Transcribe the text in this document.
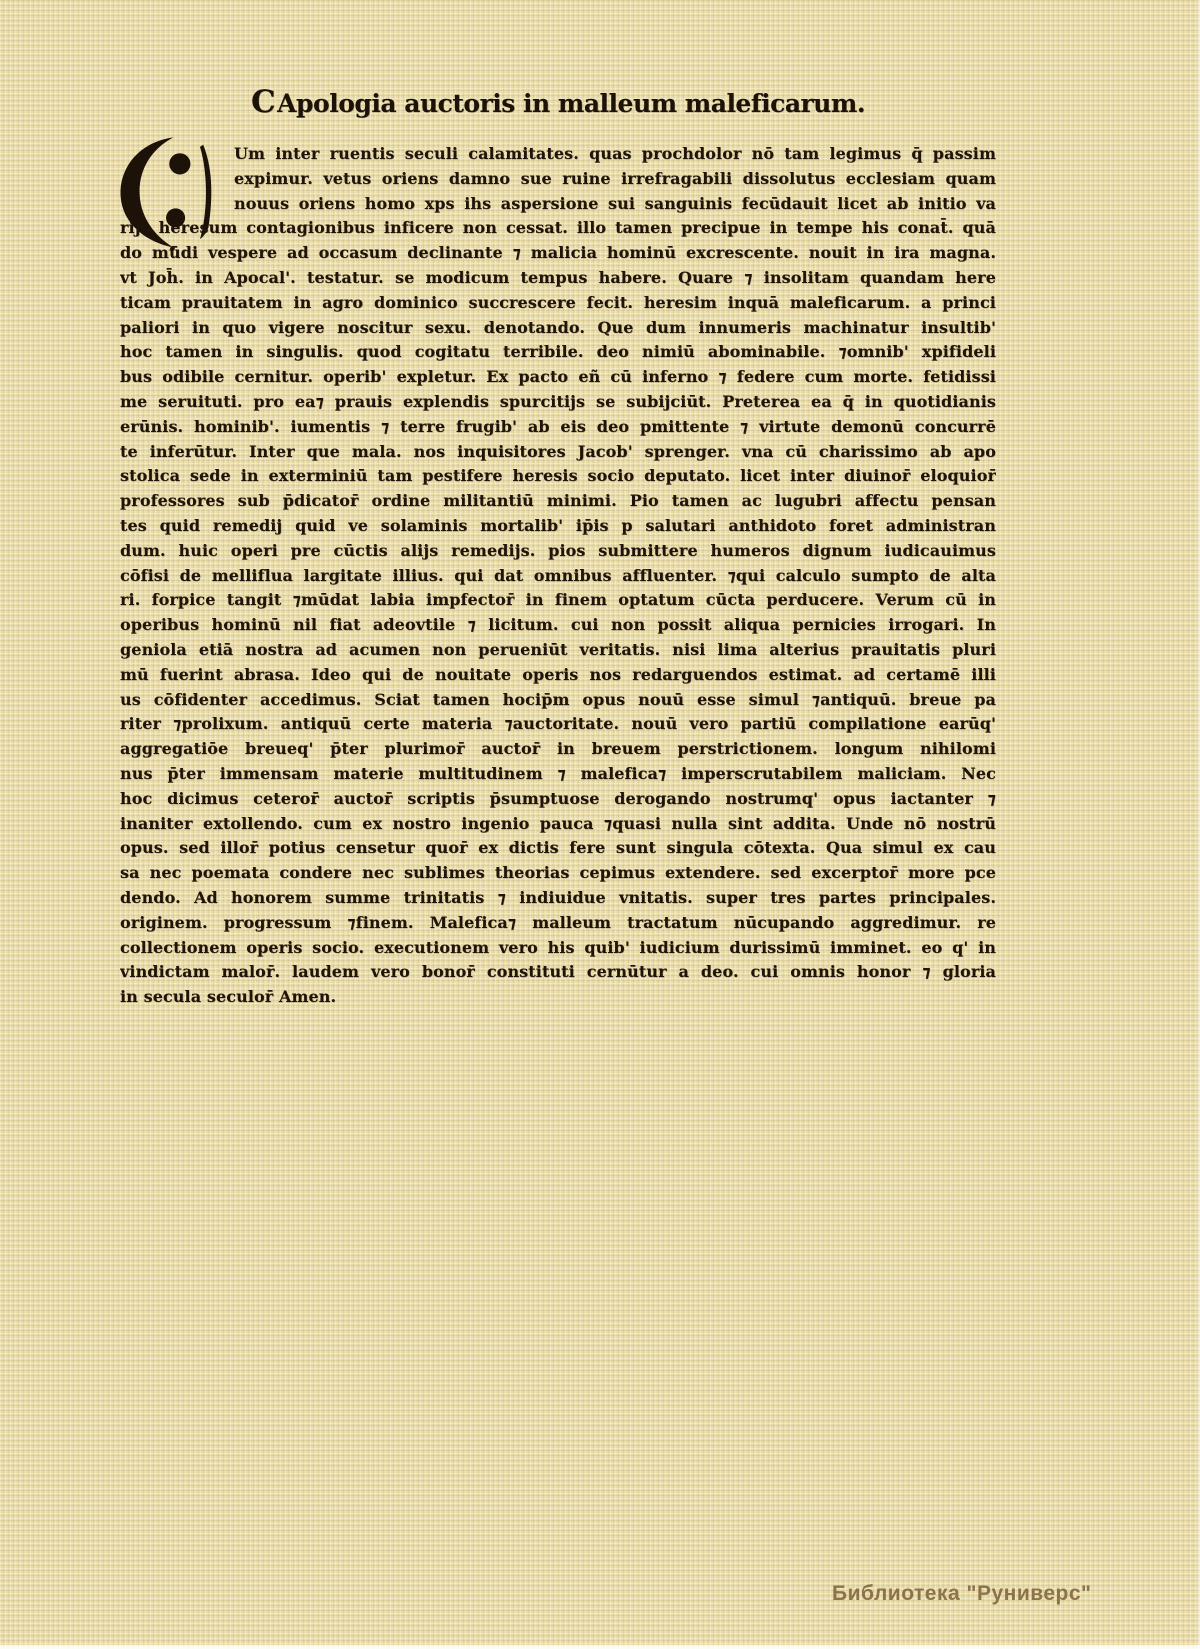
CApologia auctoris in malleum maleficarum.
Um inter ruentis seculi calamitates. quas prochdolor nō tam legimus q̄ passim
expimur. vetus oriens damno sue ruine irrefragabili dissolutus ecclesiam quam
nouus oriens homo xps ihs aspersione sui sanguinis fecūdauit licet ab initio va
rijs heresum contagionibus inficere non cessat. illo tamen precipue in tempe his conat̄. quā
do mūdi vespere ad occasum declinante ⁊ malicia hominū excrescente. nouit in ira magna.
vt Joh̄. in Apocal'. testatur. se modicum tempus habere. Quare ⁊ insolitam quandam here
ticam prauitatem in agro dominico succrescere fecit. heresim inquā maleficarum. a princi
paliori in quo vigere noscitur sexu. denotando. Que dum innumeris machinatur insultib'
hoc tamen in singulis. quod cogitatu terribile. deo nimiū abominabile. ⁊omnib' xpifideli
bus odibile cernitur. operib' expletur. Ex pacto eñ cū inferno ⁊ federe cum morte. fetidissi
me seruituti. pro ea⁊ prauis explendis spurcitijs se subijciūt. Preterea ea q̄ in quotidianis
erūnis. hominib'. iumentis ⁊ terre frugib' ab eis deo pmittente ⁊ virtute demonū concurrē
te inferūtur. Inter que mala. nos inquisitores Jacob' sprenger. vna cū charissimo ab apo
stolica sede in exterminiū tam pestifere heresis socio deputato. licet inter diuinor̄ eloquior̄
professores sub p̄dicator̄ ordine militantiū minimi. Pio tamen ac lugubri affectu pensan
tes quid remedij quid ve solaminis mortalib' ip̄is p salutari anthidoto foret administran
dum. huic operi pre cūctis alijs remedijs. pios submittere humeros dignum iudicauimus
cōfisi de melliflua largitate illius. qui dat omnibus affluenter. ⁊qui calculo sumpto de alta
ri. forpice tangit ⁊mūdat labia impfector̄ in finem optatum cūcta perducere. Verum cū in
operibus hominū nil fiat adeovtile ⁊ licitum. cui non possit aliqua pernicies irrogari. In
geniola etiā nostra ad acumen non perueniūt veritatis. nisi lima alterius prauitatis pluri
mū fuerint abrasa. Ideo qui de nouitate operis nos redarguendos estimat. ad certamē illi
us cōfidenter accedimus. Sciat tamen hocip̄m opus nouū esse simul ⁊antiquū. breue pa
riter ⁊prolixum. antiquū certe materia ⁊auctoritate. nouū vero partiū compilatione earūq'
aggregatiōe breueq' p̄ter plurimor̄ auctor̄ in breuem perstrictionem. longum nihilomi
nus p̄ter immensam materie multitudinem ⁊ malefica⁊ imperscrutabilem maliciam. Nec
hoc dicimus ceteror̄ auctor̄ scriptis p̄sumptuose derogando nostrumq' opus iactanter ⁊
inaniter extollendo. cum ex nostro ingenio pauca ⁊quasi nulla sint addita. Unde nō nostrū
opus. sed illor̄ potius censetur quor̄ ex dictis fere sunt singula cōtexta. Qua simul ex cau
sa nec poemata condere nec sublimes theorias cepimus extendere. sed excerptor̄ more pce
dendo. Ad honorem summe trinitatis ⁊ indiuidue vnitatis. super tres partes principales.
originem. progressum ⁊finem. Malefica⁊ malleum tractatum nūcupando aggredimur. re
collectionem operis socio. executionem vero his quib' iudicium durissimū imminet. eo q' in
vindictam malor̄. laudem vero bonor̄ constituti cernūtur a deo. cui omnis honor ⁊ gloria
in secula seculor̄ Amen.
Библиотека "Руниверс"
